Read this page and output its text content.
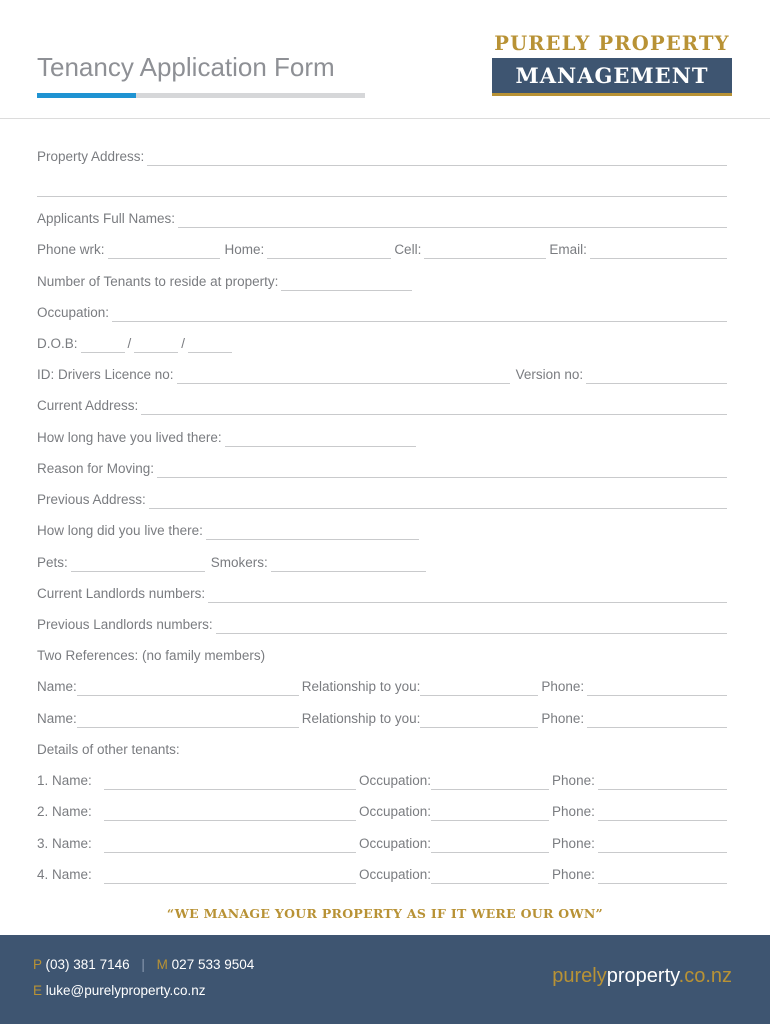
Tenancy Application Form
PURELY PROPERTY
MANAGEMENT
Property Address:
Applicants Full Names:
Phone wrk:	Home:	Cell:	Email:
Number of Tenants to reside at property:
Occupation:
D.O.B:	/	/
ID: Drivers Licence no:	Version no:
Current Address:
How long have you lived there:
Reason for Moving:
Previous Address:
How long did you live there:
Pets:	Smokers:
Current Landlords numbers:
Previous Landlords numbers:
Two References: (no family members)
Name:	Relationship to you:	Phone:
Name:	Relationship to you:	Phone:
Details of other tenants:
1. Name:	Occupation:	Phone:
2. Name:	Occupation:	Phone:
3. Name:	Occupation:	Phone:
4. Name:	Occupation:	Phone:
“WE MANAGE YOUR PROPERTY AS IF IT WERE OUR OWN”
P (03) 381 7146 | M 027 533 9504
E luke@purelyproperty.co.nz
purelyproperty.co.nz
